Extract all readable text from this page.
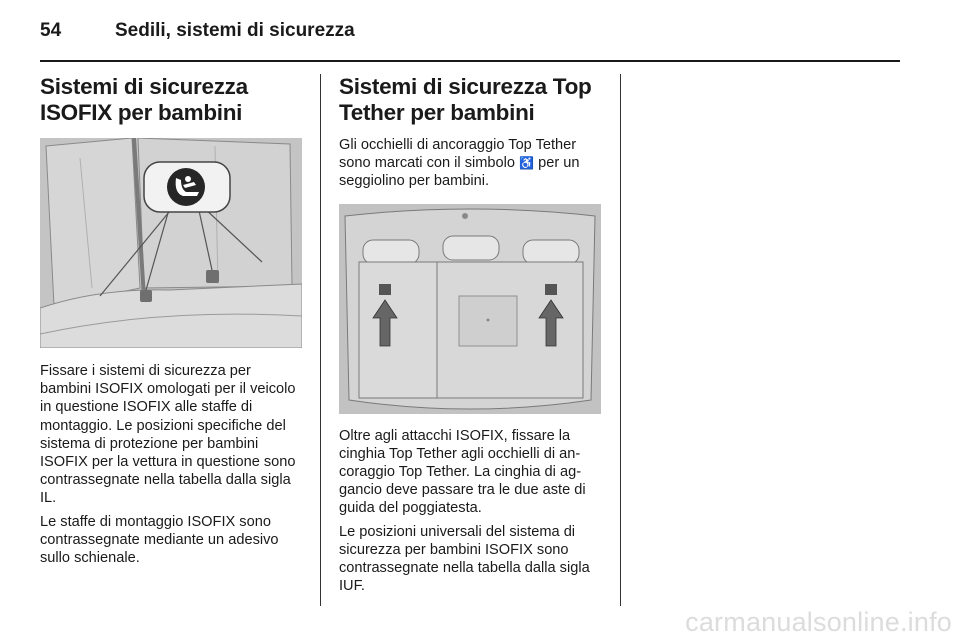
54	Sedili, sistemi di sicurezza
Sistemi di sicurezza
ISOFIX per bambini

Fissare i sistemi di sicurezza per bambini ISOFIX omologati per il veicolo in questione ISOFIX alle staffe di montaggio. Le posizioni specifiche del sistema di protezione per bambini ISOFIX per la vettura in questione sono contrassegnate nella tabella dalla sigla IL.

Le staffe di montaggio ISOFIX sono contrassegnate mediante un adesivo sullo schienale.

Sistemi di sicurezza Top
Tether per bambini

Gli occhielli di ancoraggio Top Tether sono marcati con il simbolo ♿ per un seggiolino per bambini.

Oltre agli attacchi ISOFIX, fissare la cinghia Top Tether agli occhielli di ancoraggio Top Tether. La cinghia di aggancio deve passare tra le due aste di guida del poggiatesta.

Le posizioni universali del sistema di sicurezza per bambini ISOFIX sono contrassegnate nella tabella dalla sigla IUF.

carmanualsonline.info
